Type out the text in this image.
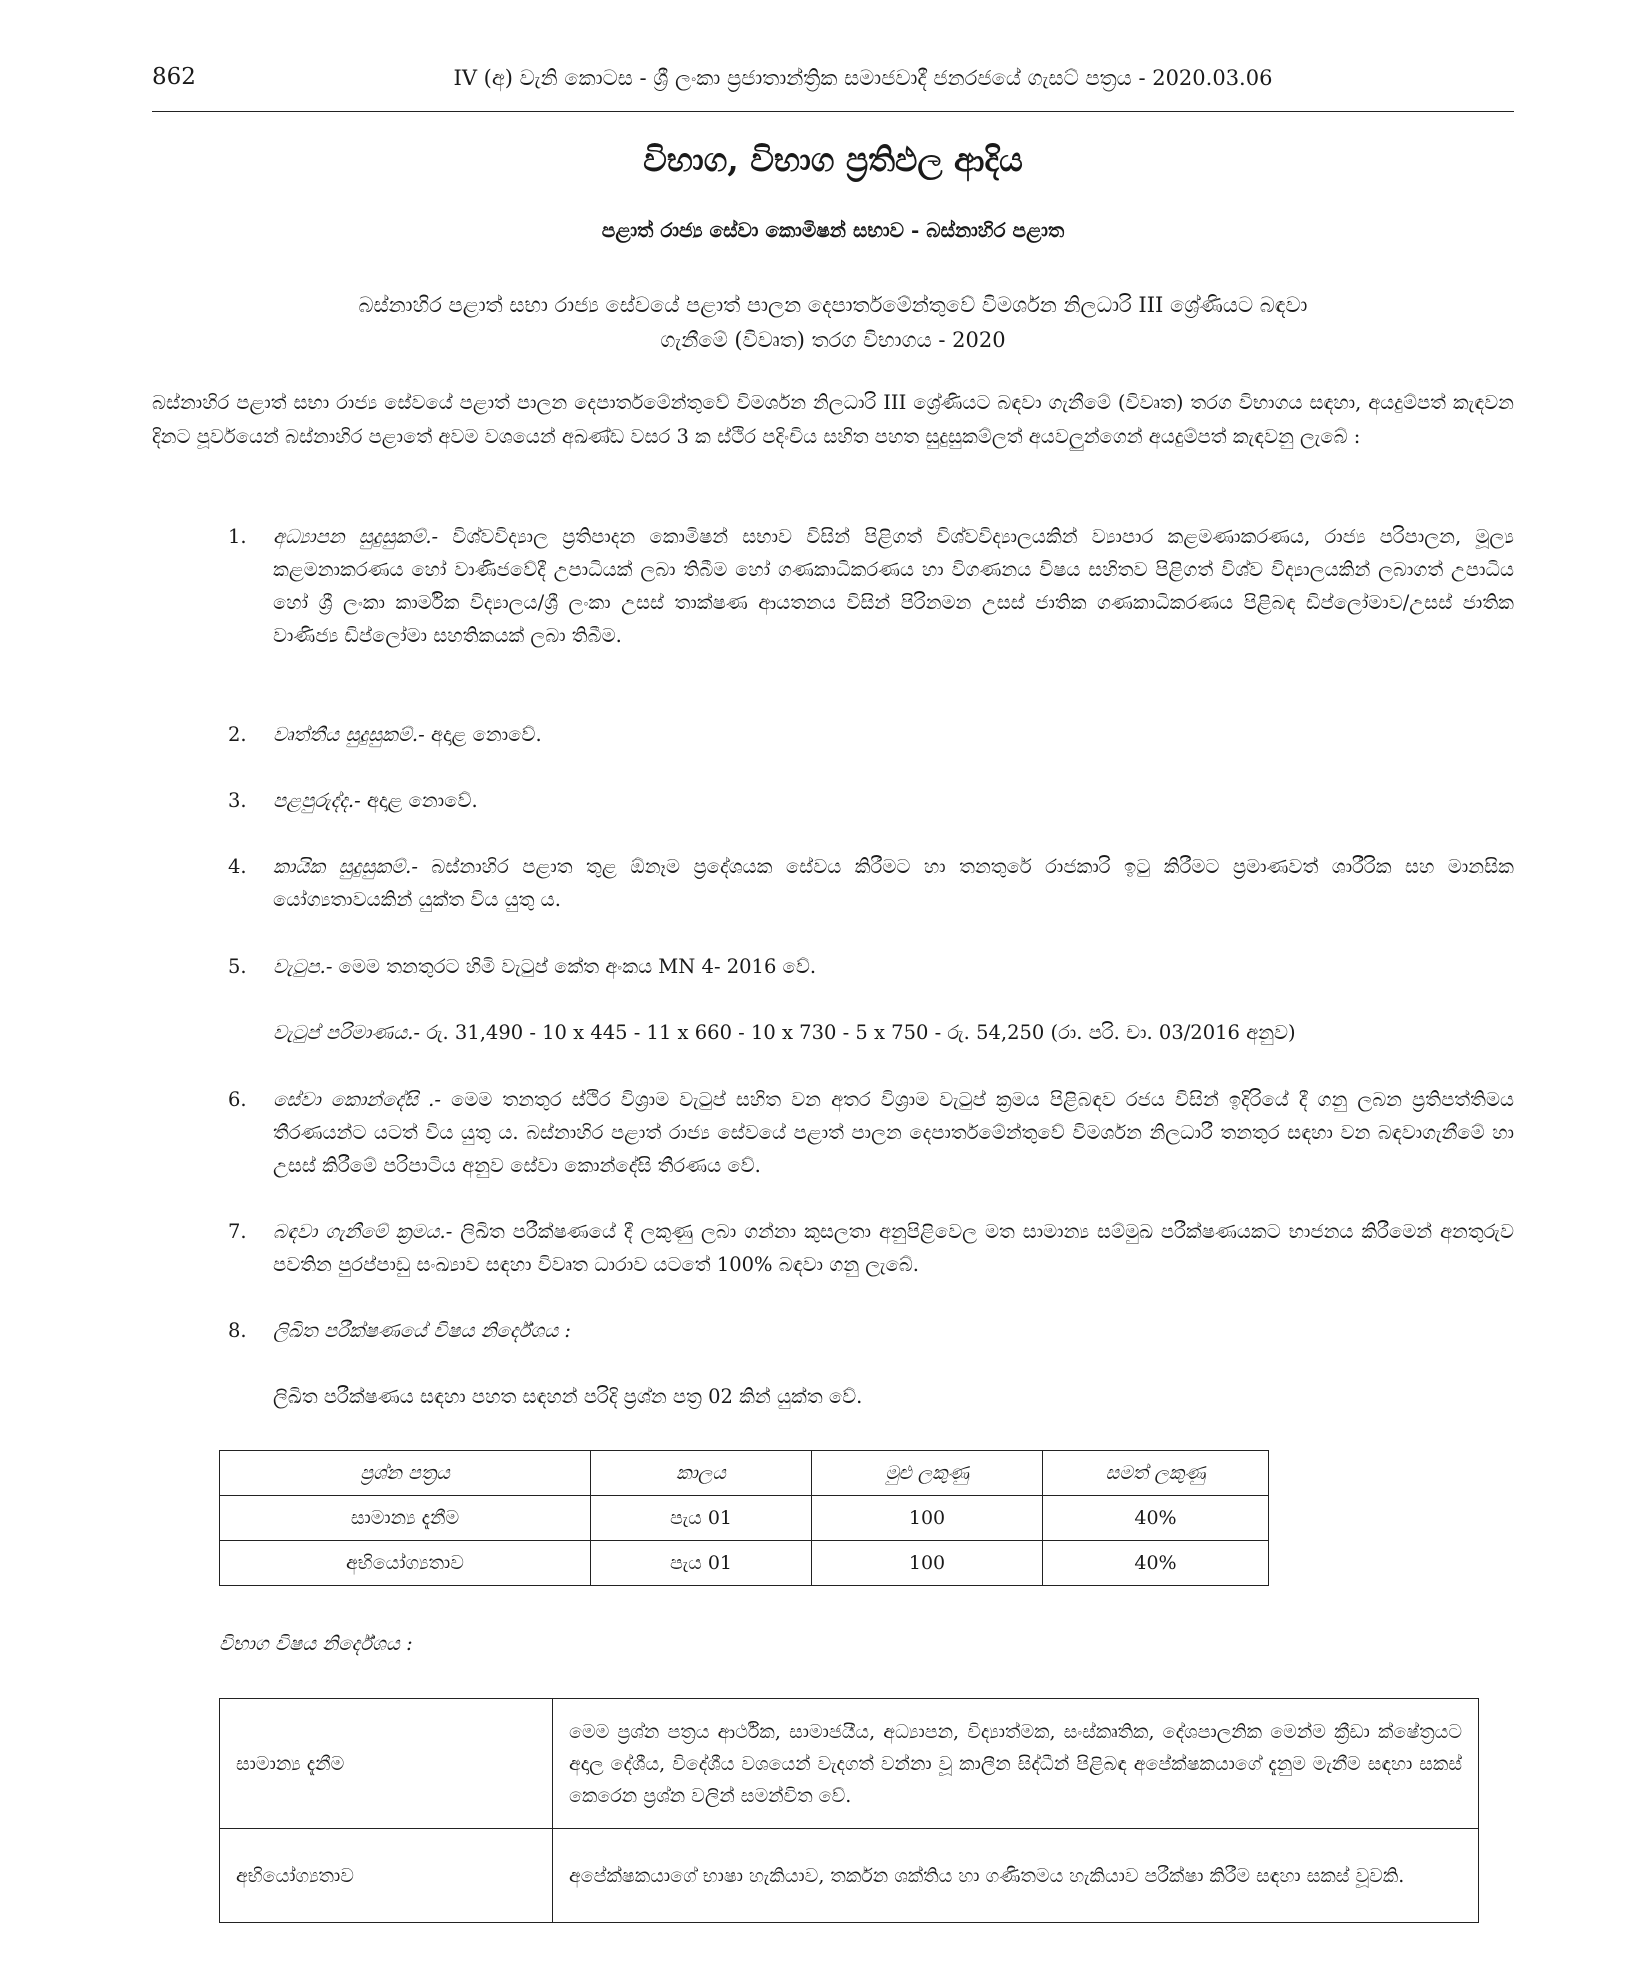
862	IV (අ) වැනි කොටස - ශ්‍රී ලංකා ප්‍රජාතාන්ත්‍රික සමාජවාදී ජනරජයේ ගැසට් පත්‍රය - 2020.03.06
විභාග, විභාග ප්‍රතිඵල ආදිය
පළාත් රාජ්‍ය සේවා කොමිෂන් සභාව - බස්නාහිර පළාත
බස්නාහිර පළාත් සභා රාජ්‍ය සේවයේ පළාත් පාලන දෙපාර්තමේන්තුවේ විමර්ශන නිලධාරි III ශ්‍රේණියට බඳවා
ගැනීමේ (විවෘත) තරග විභාගය - 2020
බස්නාහිර පළාත් සභා රාජ්‍ය සේවයේ පළාත් පාලන දෙපාර්තමේන්තුවේ විමර්ශන නිලධාරි III ශ්‍රේණියට බඳවා ගැනීමේ (විවෘත) තරග විභාගය සඳහා, අයදුම්පත් කැඳවන දිනට පූර්වයෙන් බස්නාහිර පළාතේ අවම වශයෙන් අඛණ්ඩ වසර 3 ක ස්ථිර පදිංචිය සහිත පහත සුදුසුකම්ලත් අයවලුන්ගෙන් අයදුම්පත් කැඳවනු ලැබේ :
1. අධ්‍යාපන සුදුසුකම්.- විශ්වවිද්‍යාල ප්‍රතිපාදන කොමිෂන් සභාව විසින් පිළිගත් විශ්වවිද්‍යාලයකින් ව්‍යාපාර කළමණාකරණය, රාජ්‍ය පරිපාලන, මූල්‍ය කළමනාකරණය හෝ වාණිජවේදී උපාධියක් ලබා තිබීම හෝ ගණකාධිකරණය හා විගණනය විෂය සහිතව පිළිගත් විශ්ව විද්‍යාලයකින් ලබාගත් උපාධිය හෝ ශ්‍රී ලංකා කාර්මික විද්‍යාලය/ශ්‍රී ලංකා උසස් තාක්ෂණ ආයතනය විසින් පිරිනමන උසස් ජාතික ගණකාධිකරණය පිළිබඳ ඩිප්ලෝමාව/උසස් ජාතික වාණිජ්‍ය ඩිප්ලෝමා සහතිකයක් ලබා තිබීම.
2. වෘත්තීය සුදුසුකම්.- අදාළ නොවේ.
3. පළපුරුද්ද.- අදාළ නොවේ.
4. කායික සුදුසුකම්.- බස්නාහිර පළාත තුළ ඕනෑම ප්‍රදේශයක සේවය කිරීමට හා තනතුරේ රාජකාරි ඉටු කිරීමට ප්‍රමාණවත් ශාරීරික සහ මානසික යෝග්‍යතාවයකින් යුක්ත විය යුතු ය.
5. වැටුප.- මෙම තනතුරට හිමි වැටුප් කේත අංකය MN 4- 2016 වේ.
වැටුප් පරිමාණය.- රු. 31,490 - 10 x 445 - 11 x 660 - 10 x 730 - 5 x 750 - රු. 54,250 (රා. පරි. චා. 03/2016 අනුව)
6. සේවා කොන්දේසි .- මෙම තනතුර ස්ථිර විශ්‍රාම වැටුප් සහිත වන අතර විශ්‍රාම වැටුප් ක්‍රමය පිළිබඳව රජය විසින් ඉදිරියේ දී ගනු ලබන ප්‍රතිපත්තිමය තීරණයන්ට යටත් විය යුතු ය. බස්නාහිර පළාත් රාජ්‍ය සේවයේ පළාත් පාලන දෙපාර්තමේන්තුවේ විමර්ශන නිලධාරී තනතුර සඳහා වන බඳවාගැනීමේ හා උසස් කිරීමේ පරිපාටිය අනුව සේවා කොන්දේසි තීරණය වේ.
7. බඳවා ගැනීමේ ක්‍රමය.- ලිඛිත පරීක්ෂණයේ දී ලකුණු ලබා ගන්නා කුසලතා අනුපිළිවෙල මත සාමාන්‍ය සම්මුඛ පරීක්ෂණයකට භාජනය කිරීමෙන් අනතුරුව පවතින පුරප්පාඩු සංඛ්‍යාව සඳහා විවෘත ධාරාව යටතේ 100% බඳවා ගනු ලැබේ.
8. ලිඛිත පරීක්ෂණයේ විෂය නිර්දේශය :
ලිඛිත පරීක්ෂණය සඳහා පහත සඳහන් පරිදි ප්‍රශ්න පත්‍ර 02 කින් යුක්ත වේ.
ප්‍රශ්න පත්‍රය	කාලය	මුළු ලකුණු	සමත් ලකුණු
සාමාන්‍ය දැනීම	පැය 01	100	40%
අභියෝග්‍යතාව	පැය 01	100	40%
විභාග විෂය නිර්දේශය :
සාමාන්‍ය දැනීම	මෙම ප්‍රශ්න පත්‍රය ආර්ථික, සාමාජයීය, අධ්‍යාපන, විද්‍යාත්මක, සංස්කෘතික, දේශපාලනික මෙන්ම ක්‍රීඩා ක්ෂේත්‍රයට අදාල දේශීය, විදේශීය වශයෙන් වැදගත් වන්නා වූ කාලීන සිද්ධීන් පිළිබඳ අපේක්ෂකයාගේ දැනුම මැනීම සඳහා සකස් කෙරෙන ප්‍රශ්න වලින් සමන්විත වේ.
අභියෝග්‍යතාව	අපේක්ෂකයාගේ භාෂා හැකියාව, තර්කන ශක්තිය හා ගණිතමය හැකියාව පරීක්ෂා කිරීම සඳහා සකස් වූවකි.
